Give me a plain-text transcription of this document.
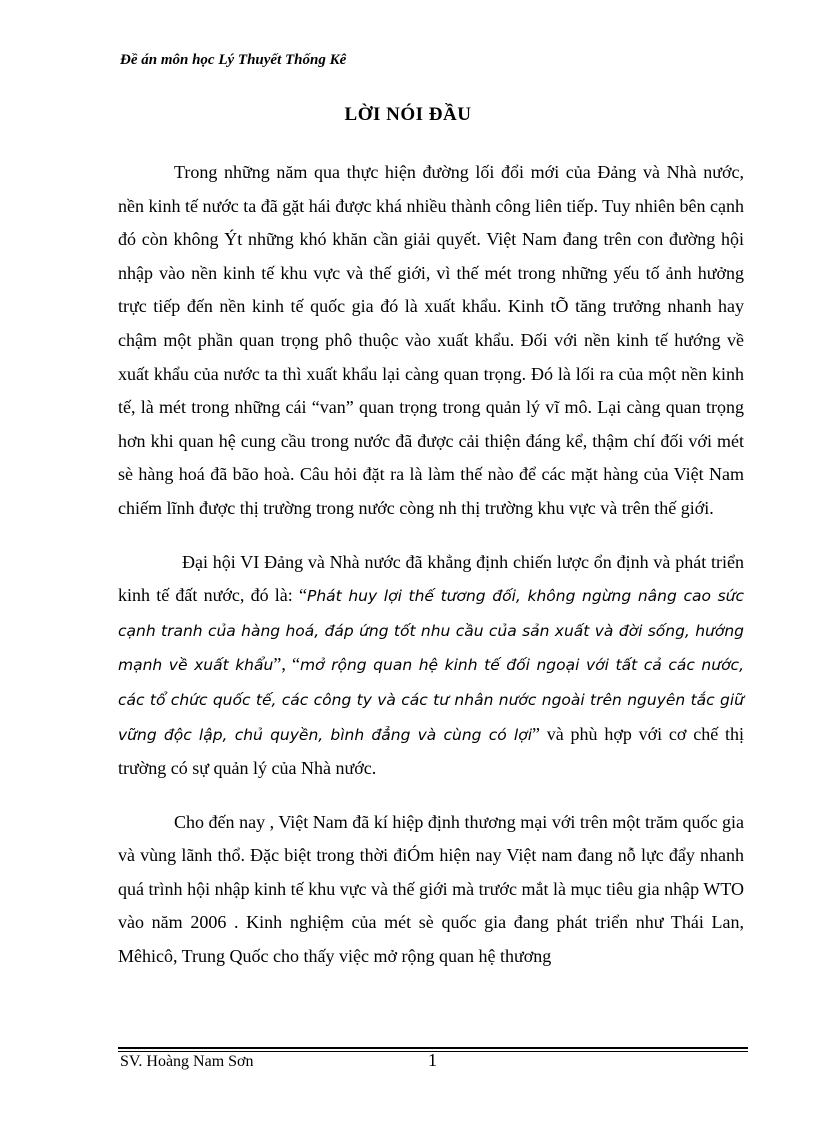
Đề án môn học Lý Thuyết Thống Kê
LỜI NÓI ĐẦU

Trong những năm qua thực hiện đường lối đổi mới của Đảng và Nhà nước, nền kinh tế nước ta đã gặt hái được khá nhiều thành công liên tiếp. Tuy nhiên bên cạnh đó còn không Ýt những khó khăn cần giải quyết. Việt Nam đang trên con đường hội nhập vào nền kinh tế khu vực và thế giới, vì thế mét trong những yếu tố ảnh hưởng trực tiếp đến nền kinh tế quốc gia đó là xuất khẩu. Kinh tÕ tăng trưởng nhanh hay chậm một phần quan trọng phô thuộc vào xuất khẩu. Đối với nền kinh tế hướng về xuất khẩu của nước ta thì xuất khẩu lại càng quan trọng. Đó là lối ra của một nền kinh tế, là mét trong những cái “van” quan trọng trong quản lý vĩ mô. Lại càng quan trọng hơn khi quan hệ cung cầu trong nước đã được cải thiện đáng kể, thậm chí đối với mét sè hàng hoá đã bão hoà. Câu hỏi đặt ra là làm thế nào để các mặt hàng của Việt Nam chiếm lĩnh được thị trường trong nước còng nh thị trường khu vực và trên thế giới.

Đại hội VI Đảng và Nhà nước đã khẳng định chiến lược ổn định và phát triển kinh tế đất nước, đó là: “Phát huy lợi thế tương đối, không ngừng nâng cao sức cạnh tranh của hàng hoá, đáp ứng tốt nhu cầu của sản xuất và đời sống, hướng mạnh về xuất khẩu”, “mở rộng quan hệ kinh tế đối ngoại với tất cả các nước, các tổ chức quốc tế, các công ty và các tư nhân nước ngoài trên nguyên tắc giữ vững độc lập, chủ quyền, bình đẳng và cùng có lợi” và phù hợp với cơ chế thị trường có sự quản lý của Nhà nước.

Cho đến nay , Việt Nam đã kí hiệp định thương mại với trên một trăm quốc gia và vùng lãnh thổ. Đặc biệt trong thời điÓm hiện nay Việt nam đang nỗ lực đẩy nhanh quá trình hội nhập kinh tế khu vực và thế giới mà trước mắt là mục tiêu gia nhập WTO vào năm 2006 . Kinh nghiệm của mét sè quốc gia đang phát triển như Thái Lan, Mêhicô, Trung Quốc cho thấy việc mở rộng quan hệ thương

SV. Hoàng Nam Sơn	1
